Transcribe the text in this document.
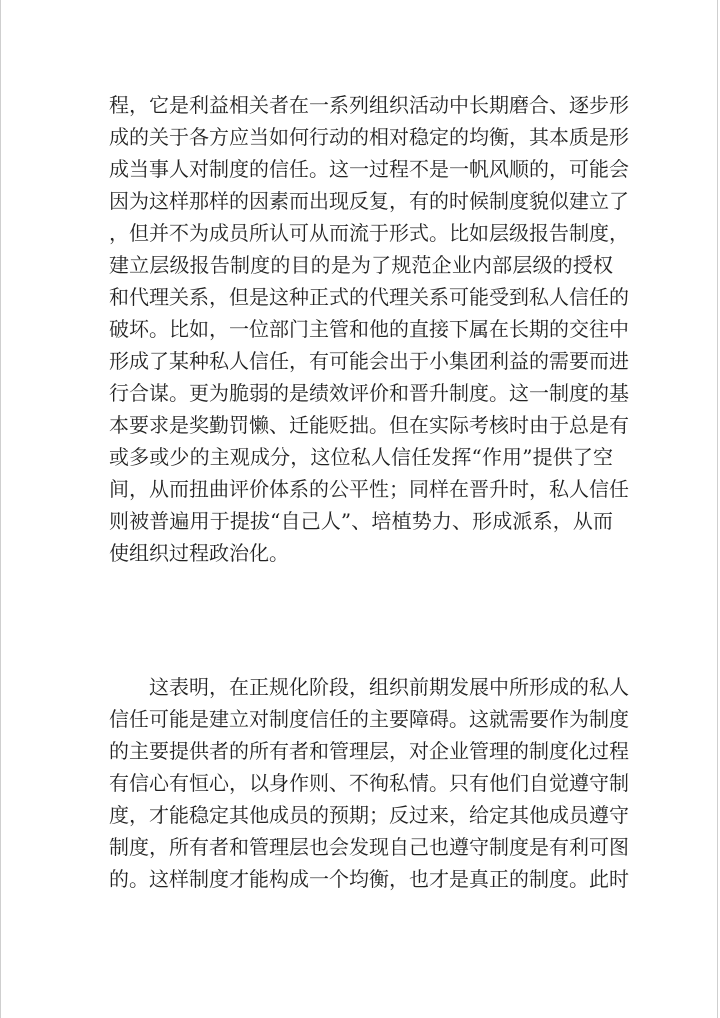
程，它是利益相关者在一系列组织活动中长期磨合、逐步形
成的关于各方应当如何行动的相对稳定的均衡，其本质是形
成当事人对制度的信任。这一过程不是一帆风顺的，可能会
因为这样那样的因素而出现反复，有的时候制度貌似建立了
，但并不为成员所认可从而流于形式。比如层级报告制度，
建立层级报告制度的目的是为了规范企业内部层级的授权
和代理关系，但是这种正式的代理关系可能受到私人信任的
破坏。比如，一位部门主管和他的直接下属在长期的交往中
形成了某种私人信任，有可能会出于小集团利益的需要而进
行合谋。更为脆弱的是绩效评价和晋升制度。这一制度的基
本要求是奖勤罚懒、迁能贬拙。但在实际考核时由于总是有
或多或少的主观成分，这位私人信任发挥“作用”提供了空
间，从而扭曲评价体系的公平性；同样在晋升时，私人信任
则被普遍用于提拔“自己人”、培植势力、形成派系，从而
使组织过程政治化。
这表明，在正规化阶段，组织前期发展中所形成的私人
信任可能是建立对制度信任的主要障碍。这就需要作为制度
的主要提供者的所有者和管理层，对企业管理的制度化过程
有信心有恒心，以身作则、不徇私情。只有他们自觉遵守制
度，才能稳定其他成员的预期；反过来，给定其他成员遵守
制度，所有者和管理层也会发现自己也遵守制度是有利可图
的。这样制度才能构成一个均衡，也才是真正的制度。此时
